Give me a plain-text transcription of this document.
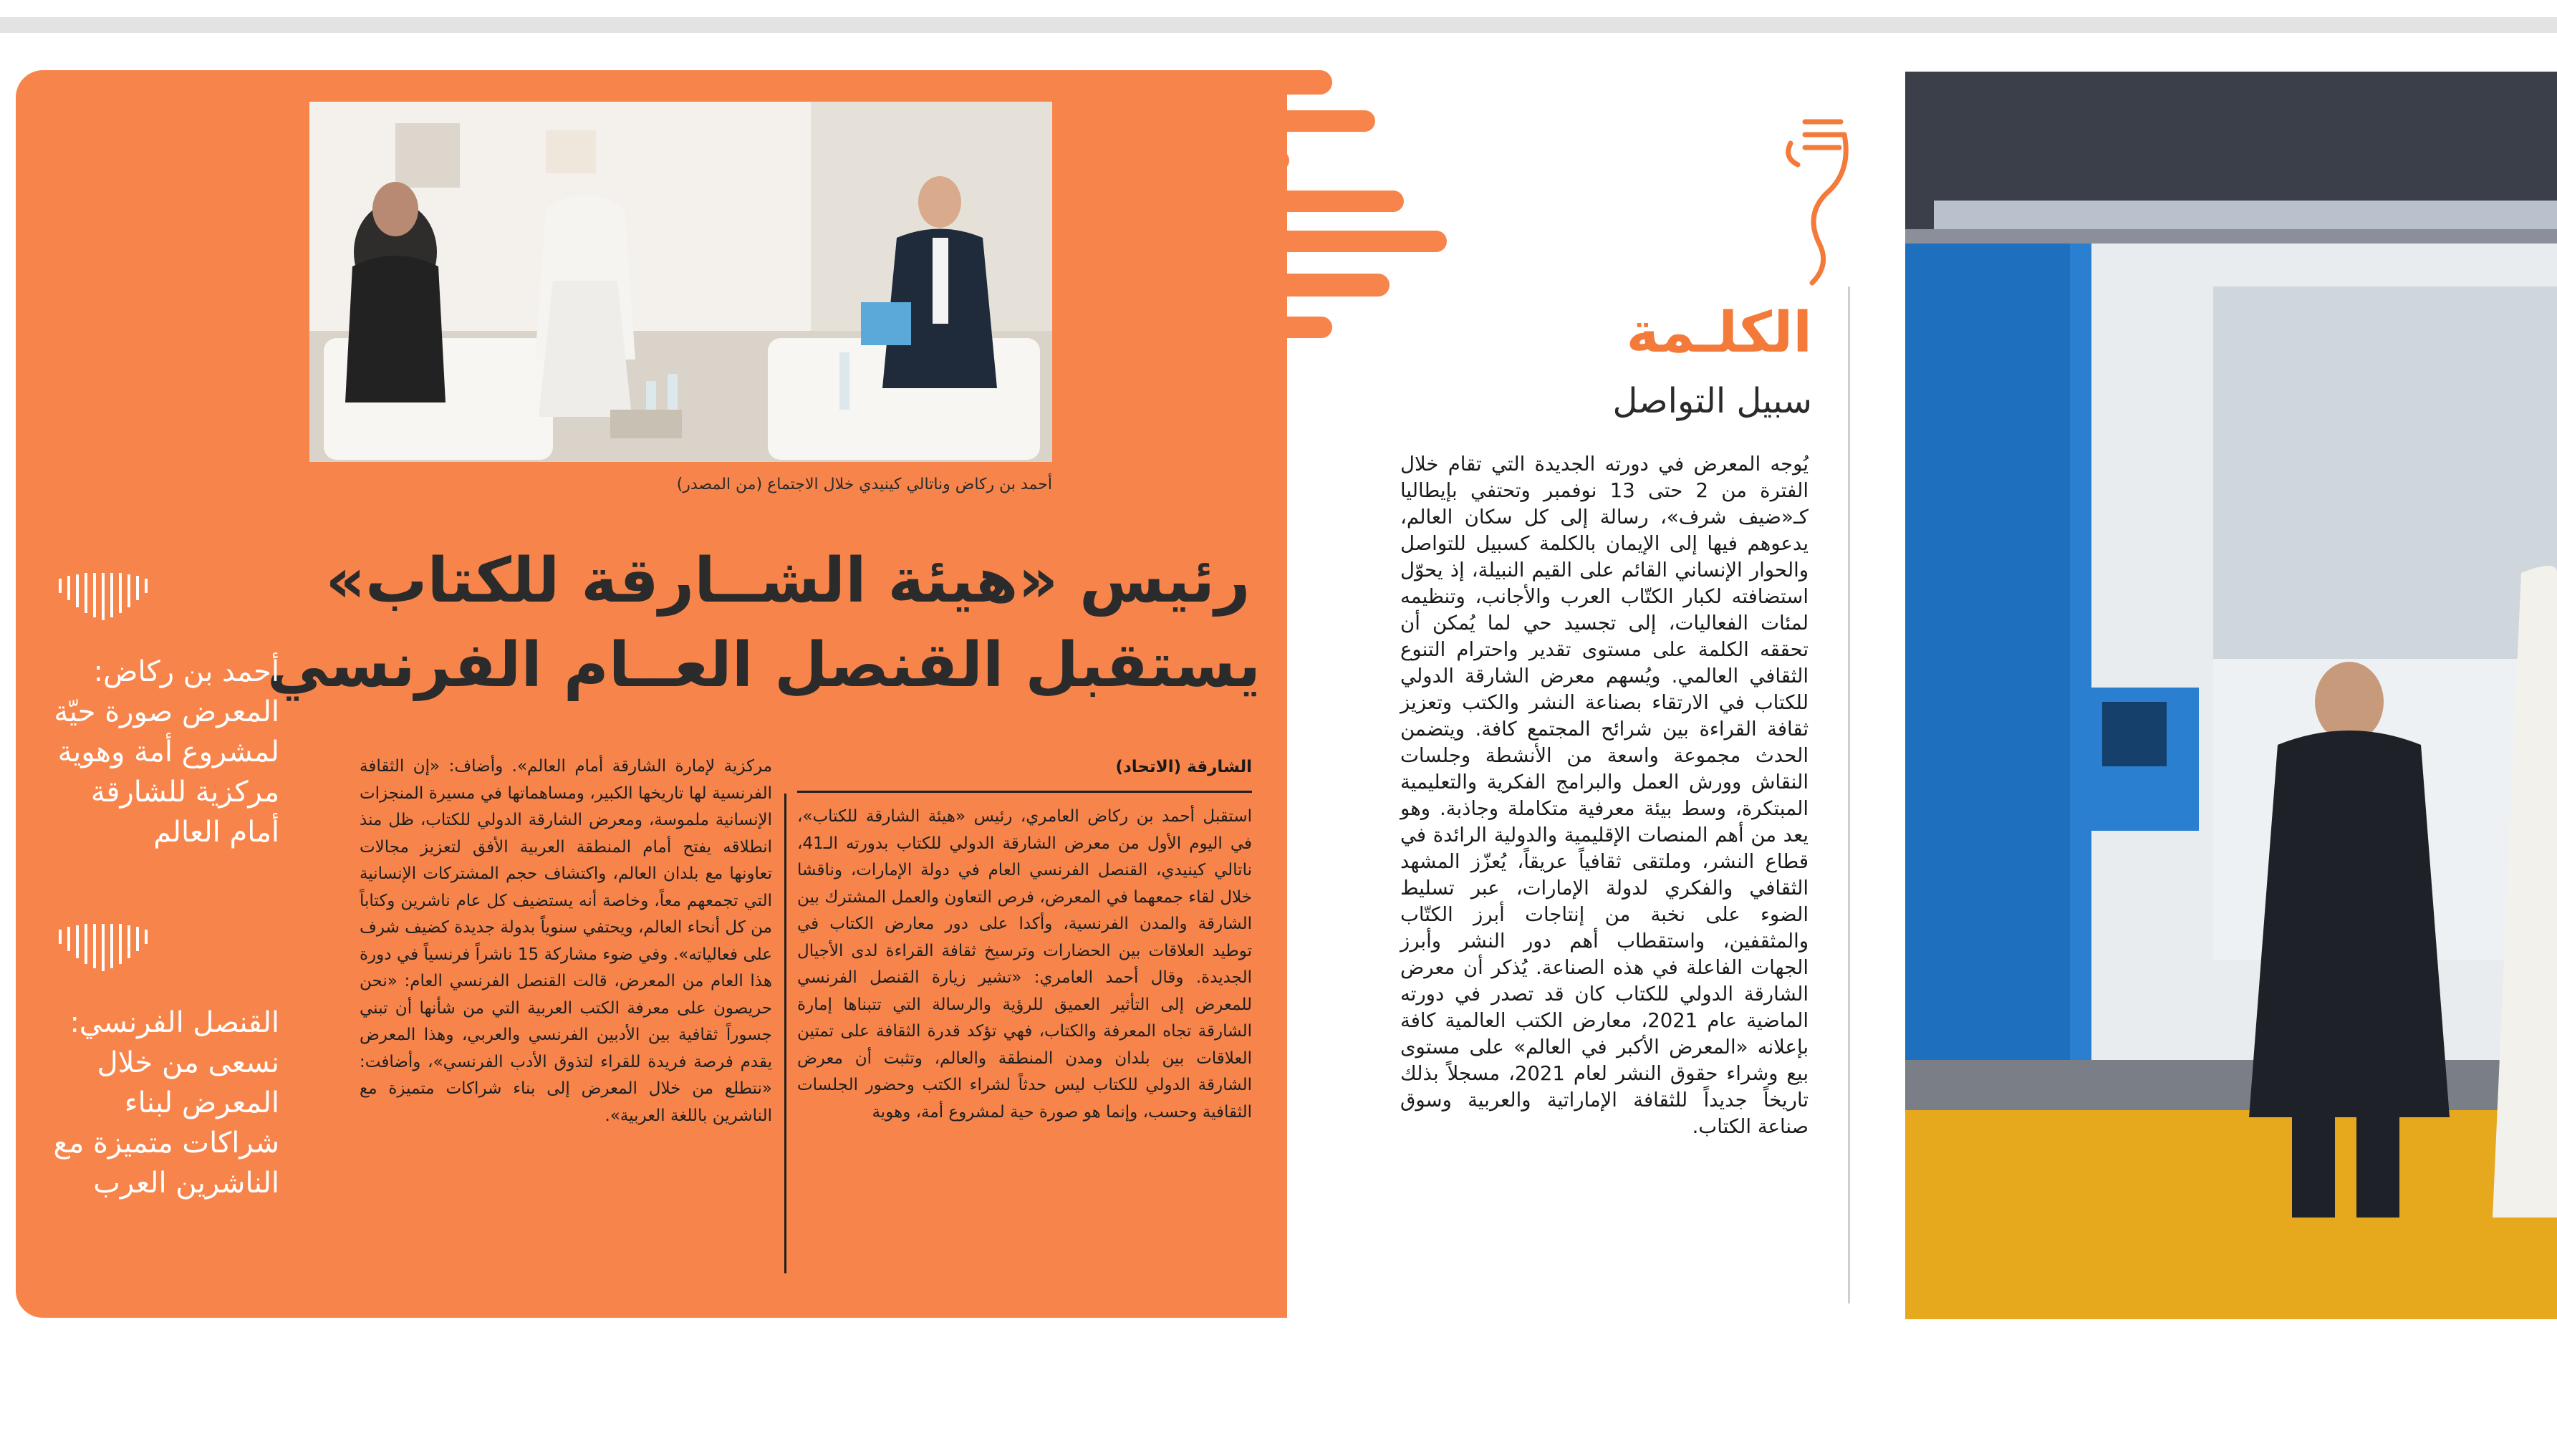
أحمد بن ركاض وناتالي كينيدي خلال الاجتماع (من المصدر)
رئيس «هيئة الشــارقة للكتاب»
يستقبل القنصل العــام الفرنسي
أحمد بن ركاض: المعرض صورة حيّة لمشروع أمة وهوية مركزية للشارقة أمام العالم
القنصل الفرنسي: نسعى من خلال المعرض لبناء شراكات متميزة مع الناشرين العرب
الشارقة (الاتحاد)
استقبل أحمد بن ركاض العامري، رئيس «هيئة الشارقة للكتاب»، في اليوم الأول من معرض الشارقة الدولي للكتاب بدورته الـ41، ناتالي كينيدي، القنصل الفرنسي العام في دولة الإمارات، وناقشا خلال لقاء جمعهما في المعرض، فرص التعاون والعمل المشترك بين الشارقة والمدن الفرنسية، وأكدا على دور معارض الكتاب في توطيد العلاقات بين الحضارات وترسيخ ثقافة القراءة لدى الأجيال الجديدة. وقال أحمد العامري: «تشير زيارة القنصل الفرنسي للمعرض إلى التأثير العميق للرؤية والرسالة التي تتبناها إمارة الشارقة تجاه المعرفة والكتاب، فهي تؤكد قدرة الثقافة على تمتين العلاقات بين بلدان ومدن المنطقة والعالم، وتثبت أن معرض الشارقة الدولي للكتاب ليس حدثاً لشراء الكتب وحضور الجلسات الثقافية وحسب، وإنما هو صورة حية لمشروع أمة، وهوية
مركزية لإمارة الشارقة أمام العالم». وأضاف: «إن الثقافة الفرنسية لها تاريخها الكبير، ومساهماتها في مسيرة المنجزات الإنسانية ملموسة، ومعرض الشارقة الدولي للكتاب، ظل منذ انطلاقه يفتح أمام المنطقة العربية الأفق لتعزيز مجالات تعاونها مع بلدان العالم، واكتشاف حجم المشتركات الإنسانية التي تجمعهم معاً، وخاصة أنه يستضيف كل عام ناشرين وكتاباً من كل أنحاء العالم، ويحتفي سنوياً بدولة جديدة كضيف شرف على فعالياته». وفي ضوء مشاركة 15 ناشراً فرنسياً في دورة هذا العام من المعرض، قالت القنصل الفرنسي العام: «نحن حريصون على معرفة الكتب العربية التي من شأنها أن تبني جسوراً ثقافية بين الأدبين الفرنسي والعربي، وهذا المعرض يقدم فرصة فريدة للقراء لتذوق الأدب الفرنسي»، وأضافت: «نتطلع من خلال المعرض إلى بناء شراكات متميزة مع الناشرين باللغة العربية».
الكلـمة
سبيل التواصل
يُوجه المعرض في دورته الجديدة التي تقام خلال الفترة من 2 حتى 13 نوفمبر وتحتفي بإيطاليا كـ«ضيف شرف»، رسالة إلى كل سكان العالم، يدعوهم فيها إلى الإيمان بالكلمة كسبيل للتواصل والحوار الإنساني القائم على القيم النبيلة، إذ يحوّل استضافته لكبار الكتّاب العرب والأجانب، وتنظيمه لمئات الفعاليات، إلى تجسيد حي لما يُمكن أن تحققه الكلمة على مستوى تقدير واحترام التنوع الثقافي العالمي. ويُسهم معرض الشارقة الدولي للكتاب في الارتقاء بصناعة النشر والكتب وتعزيز ثقافة القراءة بين شرائح المجتمع كافة. ويتضمن الحدث مجموعة واسعة من الأنشطة وجلسات النقاش وورش العمل والبرامج الفكرية والتعليمية المبتكرة، وسط بيئة معرفية متكاملة وجاذبة. وهو يعد من أهم المنصات الإقليمية والدولية الرائدة في قطاع النشر، وملتقى ثقافياً عريقاً، يُعزّز المشهد الثقافي والفكري لدولة الإمارات، عبر تسليط الضوء على نخبة من إنتاجات أبرز الكتّاب والمثقفين، واستقطاب أهم دور النشر وأبرز الجهات الفاعلة في هذه الصناعة. يُذكر أن معرض الشارقة الدولي للكتاب كان قد تصدر في دورته الماضية عام 2021، معارض الكتب العالمية كافة بإعلانه «المعرض الأكبر في العالم» على مستوى بيع وشراء حقوق النشر لعام 2021، مسجلاً بذلك تاريخاً جديداً للثقافة الإماراتية والعربية وسوق صناعة الكتاب.
